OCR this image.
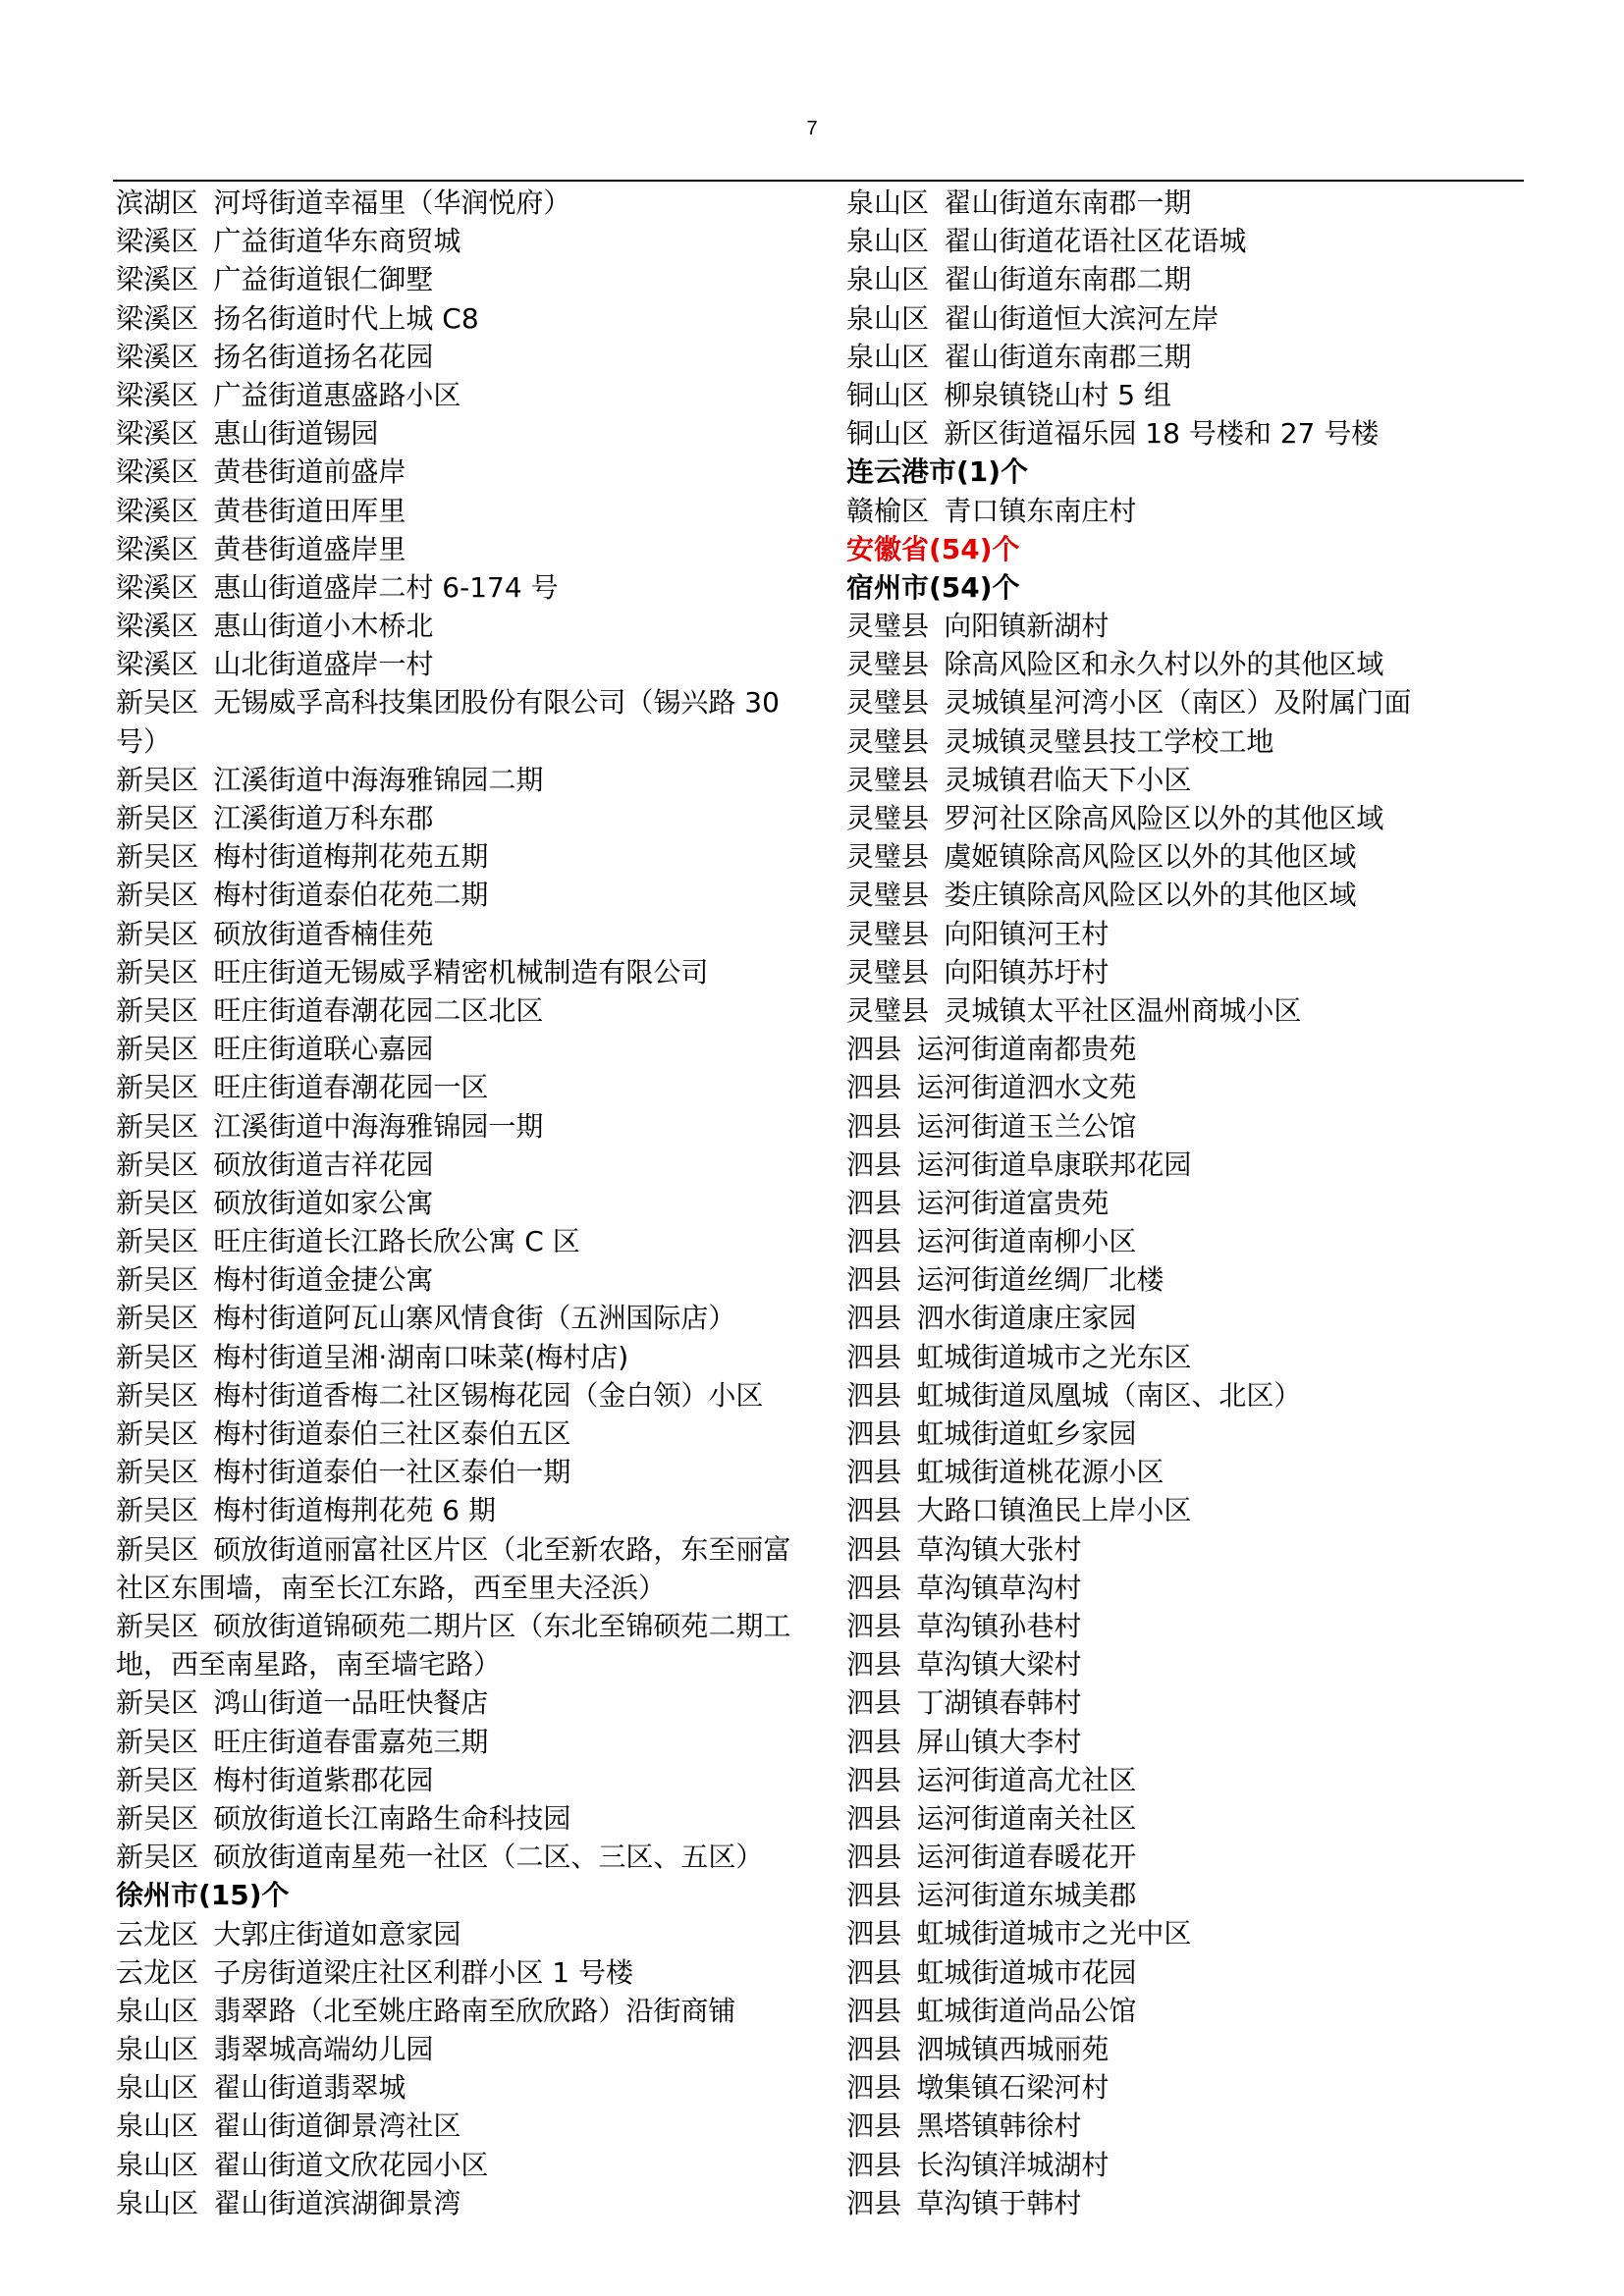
7
滨湖区 河埒街道幸福里（华润悦府）
梁溪区 广益街道华东商贸城
梁溪区 广益街道银仁御墅
梁溪区 扬名街道时代上城 C8
梁溪区 扬名街道扬名花园
梁溪区 广益街道惠盛路小区
梁溪区 惠山街道锡园
梁溪区 黄巷街道前盛岸
梁溪区 黄巷街道田厍里
梁溪区 黄巷街道盛岸里
梁溪区 惠山街道盛岸二村 6-174 号
梁溪区 惠山街道小木桥北
梁溪区 山北街道盛岸一村
新吴区 无锡威孚高科技集团股份有限公司（锡兴路 30 号）
新吴区 江溪街道中海海雅锦园二期
新吴区 江溪街道万科东郡
新吴区 梅村街道梅荆花苑五期
新吴区 梅村街道泰伯花苑二期
新吴区 硕放街道香楠佳苑
新吴区 旺庄街道无锡威孚精密机械制造有限公司
新吴区 旺庄街道春潮花园二区北区
新吴区 旺庄街道联心嘉园
新吴区 旺庄街道春潮花园一区
新吴区 江溪街道中海海雅锦园一期
新吴区 硕放街道吉祥花园
新吴区 硕放街道如家公寓
新吴区 旺庄街道长江路长欣公寓 C 区
新吴区 梅村街道金捷公寓
新吴区 梅村街道阿瓦山寨风情食街（五洲国际店）
新吴区 梅村街道呈湘·湖南口味菜(梅村店)
新吴区 梅村街道香梅二社区锡梅花园（金白领）小区
新吴区 梅村街道泰伯三社区泰伯五区
新吴区 梅村街道泰伯一社区泰伯一期
新吴区 梅村街道梅荆花苑 6 期
新吴区 硕放街道丽富社区片区（北至新农路，东至丽富社区东围墙，南至长江东路，西至里夫泾浜）
新吴区 硕放街道锦硕苑二期片区（东北至锦硕苑二期工地，西至南星路，南至墙宅路）
新吴区 鸿山街道一品旺快餐店
新吴区 旺庄街道春雷嘉苑三期
新吴区 梅村街道紫郡花园
新吴区 硕放街道长江南路生命科技园
新吴区 硕放街道南星苑一社区（二区、三区、五区）
徐州市(15)个
云龙区 大郭庄街道如意家园
云龙区 子房街道梁庄社区利群小区 1 号楼
泉山区 翡翠路（北至姚庄路南至欣欣路）沿街商铺
泉山区 翡翠城高端幼儿园
泉山区 翟山街道翡翠城
泉山区 翟山街道御景湾社区
泉山区 翟山街道文欣花园小区
泉山区 翟山街道滨湖御景湾
泉山区 翟山街道东南郡一期
泉山区 翟山街道花语社区花语城
泉山区 翟山街道东南郡二期
泉山区 翟山街道恒大滨河左岸
泉山区 翟山街道东南郡三期
铜山区 柳泉镇铙山村 5 组
铜山区 新区街道福乐园 18 号楼和 27 号楼
连云港市(1)个
赣榆区 青口镇东南庄村
安徽省(54)个
宿州市(54)个
灵璧县 向阳镇新湖村
灵璧县 除高风险区和永久村以外的其他区域
灵璧县 灵城镇星河湾小区（南区）及附属门面
灵璧县 灵城镇灵璧县技工学校工地
灵璧县 灵城镇君临天下小区
灵璧县 罗河社区除高风险区以外的其他区域
灵璧县 虞姬镇除高风险区以外的其他区域
灵璧县 娄庄镇除高风险区以外的其他区域
灵璧县 向阳镇河王村
灵璧县 向阳镇苏圩村
灵璧县 灵城镇太平社区温州商城小区
泗县 运河街道南都贵苑
泗县 运河街道泗水文苑
泗县 运河街道玉兰公馆
泗县 运河街道阜康联邦花园
泗县 运河街道富贵苑
泗县 运河街道南柳小区
泗县 运河街道丝绸厂北楼
泗县 泗水街道康庄家园
泗县 虹城街道城市之光东区
泗县 虹城街道凤凰城（南区、北区）
泗县 虹城街道虹乡家园
泗县 虹城街道桃花源小区
泗县 大路口镇渔民上岸小区
泗县 草沟镇大张村
泗县 草沟镇草沟村
泗县 草沟镇孙巷村
泗县 草沟镇大梁村
泗县 丁湖镇春韩村
泗县 屏山镇大李村
泗县 运河街道高尤社区
泗县 运河街道南关社区
泗县 运河街道春暖花开
泗县 运河街道东城美郡
泗县 虹城街道城市之光中区
泗县 虹城街道城市花园
泗县 虹城街道尚品公馆
泗县 泗城镇西城丽苑
泗县 墩集镇石梁河村
泗县 黑塔镇韩徐村
泗县 长沟镇洋城湖村
泗县 草沟镇于韩村
